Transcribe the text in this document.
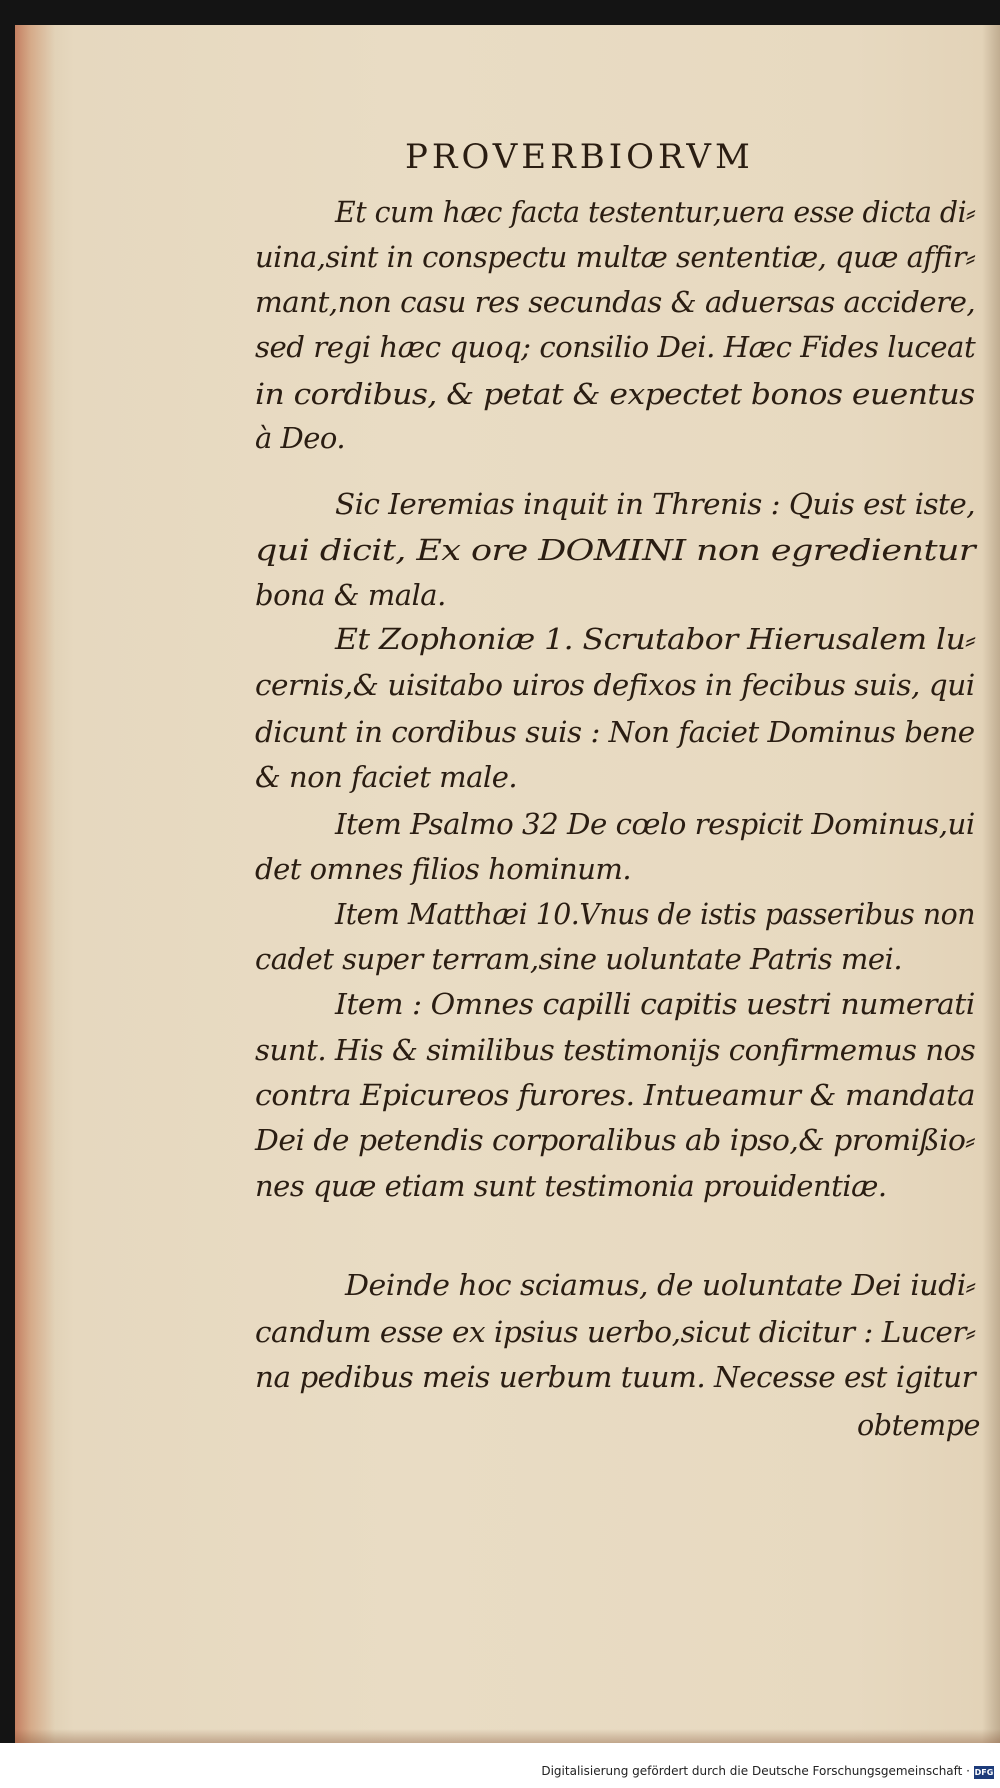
PROVERBIORVM
Et cum hæc facta testentur,uera esse dicta di⸗
uina,sint in conspectu multæ sententiæ, quæ affir⸗
mant,non casu res secundas & aduersas accidere,
sed regi hæc quoq; consilio Dei. Hæc Fides luceat
in cordibus, & petat & expectet bonos euentus
à Deo.
Sic Ieremias inquit in Threnis : Quis est iste,
qui dicit, Ex ore DOMINI non egredientur
bona & mala.
Et Zophoniæ 1. Scrutabor Hierusalem lu⸗
cernis,& uisitabo uiros defixos in fecibus suis, qui
dicunt in cordibus suis : Non faciet Dominus bene
& non faciet male.
Item Psalmo 32 De cœlo respicit Dominus,ui
det omnes filios hominum.
Item Matthæi 10.Vnus de istis passeribus non
cadet super terram,sine uoluntate Patris mei.
Item : Omnes capilli capitis uestri numerati
sunt. His & similibus testimonijs confirmemus nos
contra Epicureos furores. Intueamur & mandata
Dei de petendis corporalibus ab ipso,& promißio⸗
nes quæ etiam sunt testimonia prouidentiæ.
Deinde hoc sciamus, de uoluntate Dei iudi⸗
candum esse ex ipsius uerbo,sicut dicitur : Lucer⸗
na pedibus meis uerbum tuum. Necesse est igitur
obtempe
Digitalisierung gefördert durch die Deutsche Forschungsgemeinschaft · DFG
